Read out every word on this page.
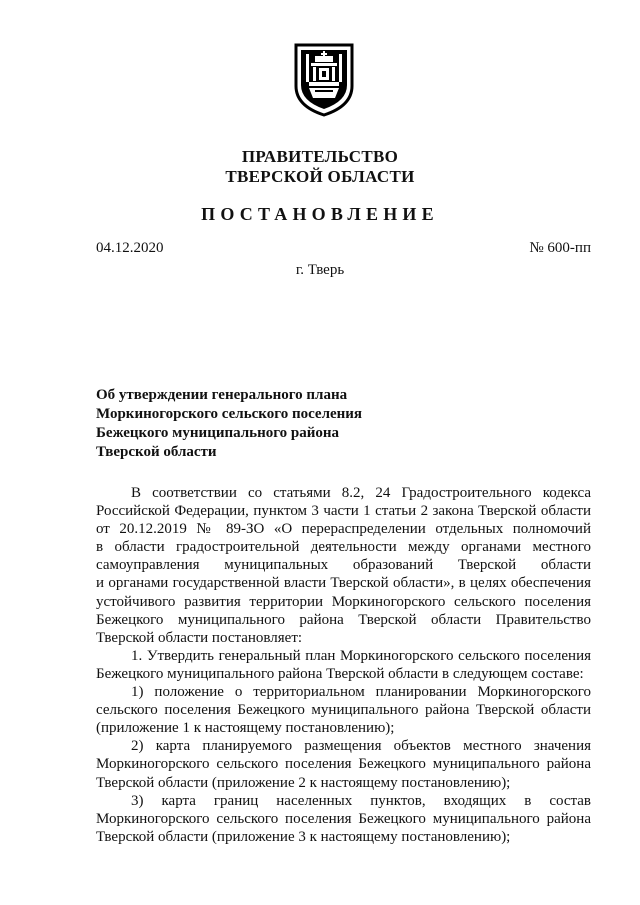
ПРАВИТЕЛЬСТВО
ТВЕРСКОЙ ОБЛАСТИ
ПОСТАНОВЛЕНИЕ
04.12.2020	№ 600-пп
г. Тверь
Об утверждении генерального плана
Моркиногорского сельского поселения
Бежецкого муниципального района
Тверской области
В соответствии со статьями 8.2, 24 Градостроительного кодекса
Российской Федерации, пунктом 3 части 1 статьи 2 закона Тверской области
от 20.12.2019 № 89-ЗО «О перераспределении отдельных полномочий
в области градостроительной деятельности между органами местного
самоуправления муниципальных образований Тверской области
и органами государственной власти Тверской области», в целях обеспечения
устойчивого развития территории Моркиногорского сельского поселения
Бежецкого муниципального района Тверской области Правительство
Тверской области постановляет:
1. Утвердить генеральный план Моркиногорского сельского поселения
Бежецкого муниципального района Тверской области в следующем составе:
1) положение о территориальном планировании Моркиногорского
сельского поселения Бежецкого муниципального района Тверской области
(приложение 1 к настоящему постановлению);
2) карта планируемого размещения объектов местного значения
Моркиногорского сельского поселения Бежецкого муниципального района
Тверской области (приложение 2 к настоящему постановлению);
3) карта границ населенных пунктов, входящих в состав
Моркиногорского сельского поселения Бежецкого муниципального района
Тверской области (приложение 3 к настоящему постановлению);
